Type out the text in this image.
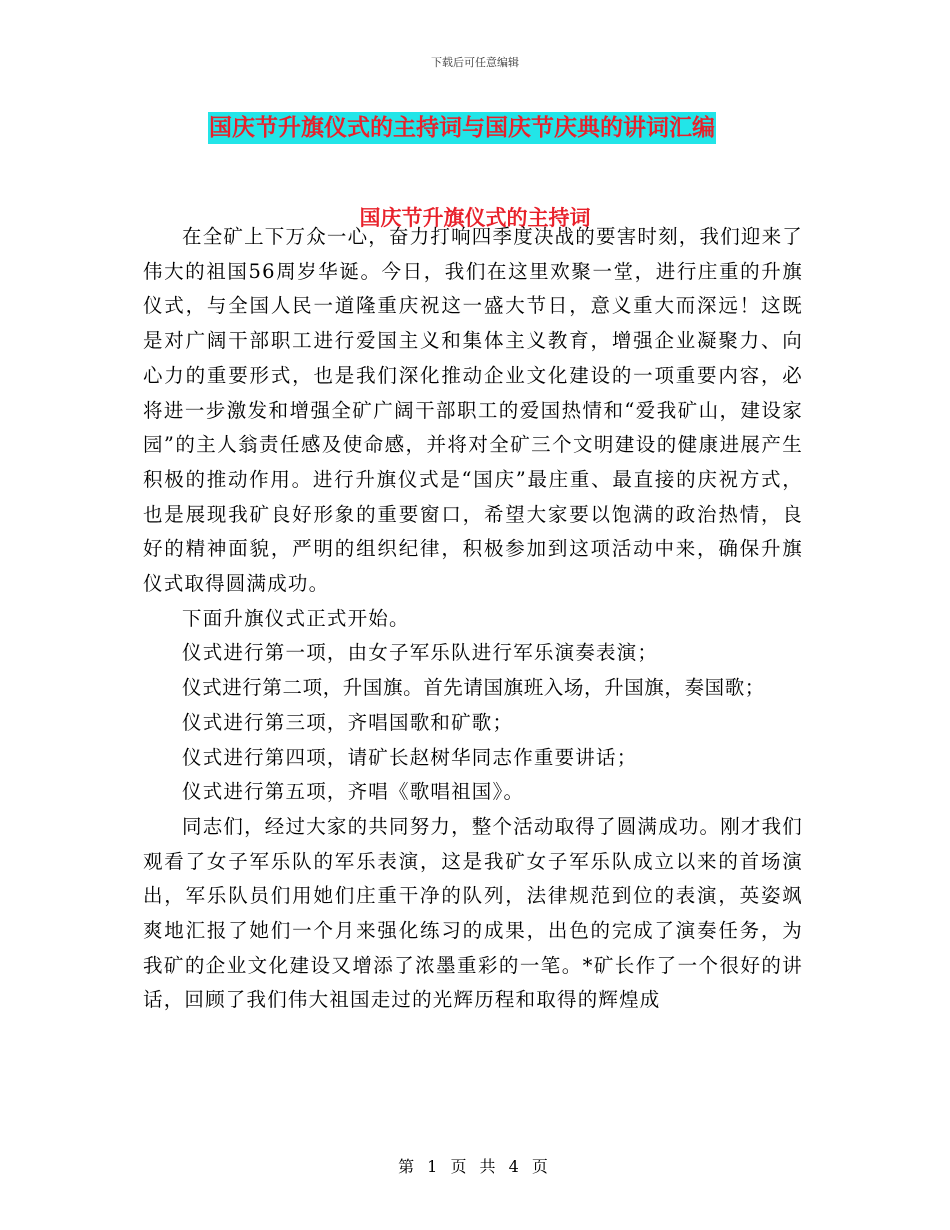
下载后可任意编辑
国庆节升旗仪式的主持词与国庆节庆典的讲词汇编
国庆节升旗仪式的主持词

在全矿上下万众一心，奋力打响四季度决战的要害时刻，我们迎来了伟大的祖国56周岁华诞。今日，我们在这里欢聚一堂，进行庄重的升旗仪式，与全国人民一道隆重庆祝这一盛大节日，意义重大而深远！这既是对广阔干部职工进行爱国主义和集体主义教育，增强企业凝聚力、向心力的重要形式，也是我们深化推动企业文化建设的一项重要内容，必将进一步激发和增强全矿广阔干部职工的爱国热情和“爱我矿山，建设家园”的主人翁责任感及使命感，并将对全矿三个文明建设的健康进展产生积极的推动作用。进行升旗仪式是“国庆”最庄重、最直接的庆祝方式，也是展现我矿良好形象的重要窗口，希望大家要以饱满的政治热情，良好的精神面貌，严明的组织纪律，积极参加到这项活动中来，确保升旗仪式取得圆满成功。

下面升旗仪式正式开始。

仪式进行第一项，由女子军乐队进行军乐演奏表演；

仪式进行第二项，升国旗。首先请国旗班入场，升国旗，奏国歌；

仪式进行第三项，齐唱国歌和矿歌；

仪式进行第四项，请矿长赵树华同志作重要讲话；

仪式进行第五项，齐唱《歌唱祖国》。

同志们，经过大家的共同努力，整个活动取得了圆满成功。刚才我们观看了女子军乐队的军乐表演，这是我矿女子军乐队成立以来的首场演出，军乐队员们用她们庄重干净的队列，法律规范到位的表演，英姿飒爽地汇报了她们一个月来强化练习的成果，出色的完成了演奏任务，为我矿的企业文化建设又增添了浓墨重彩的一笔。*矿长作了一个很好的讲话，回顾了我们伟大祖国走过的光辉历程和取得的辉煌成

第 1 页 共 4 页
